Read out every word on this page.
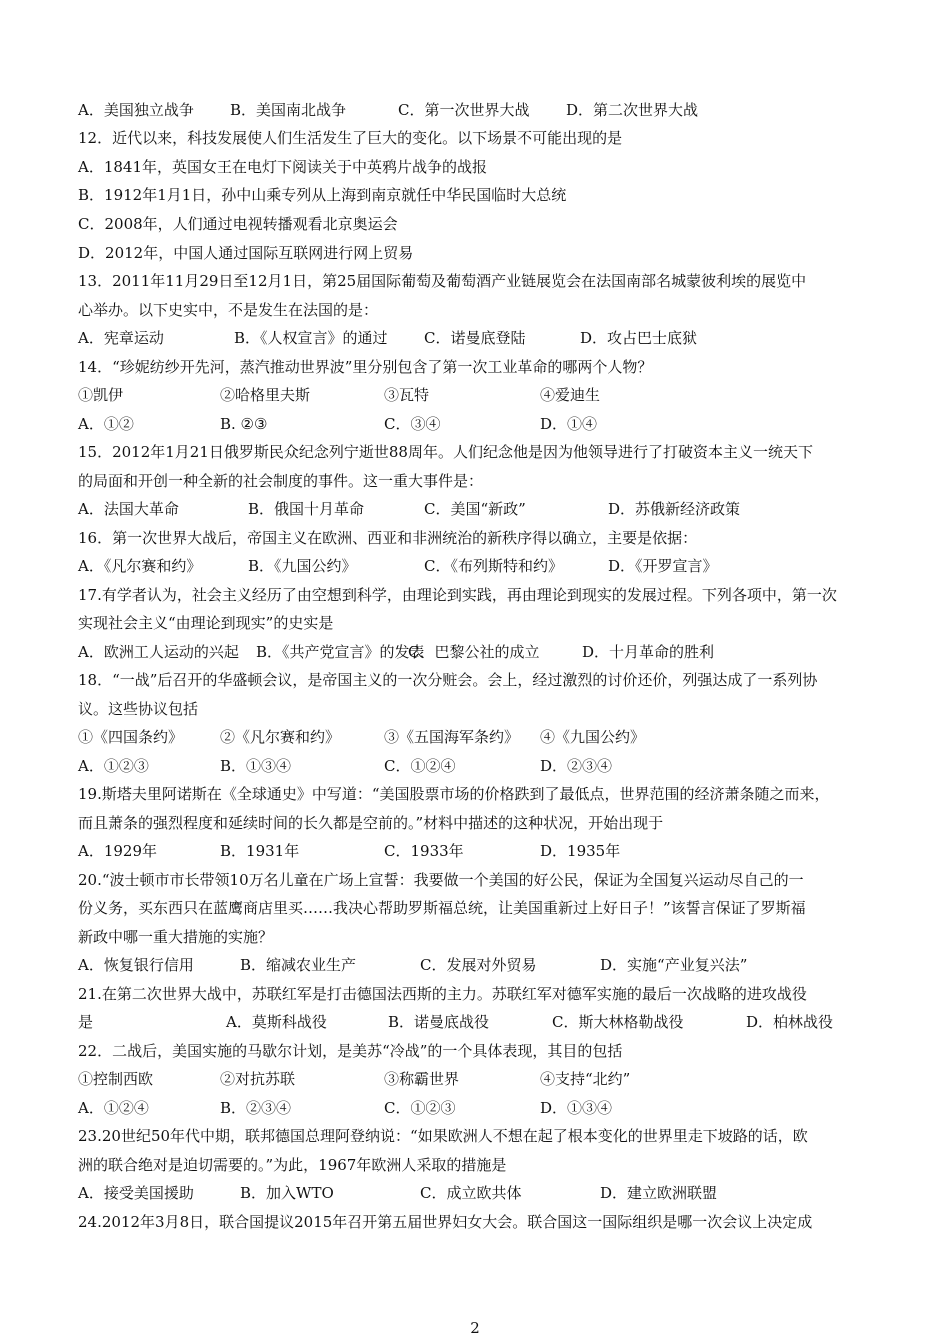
A．美国独立战争 B．美国南北战争	C．第一次世界大战 D．第二次世界大战
12．近代以来，科技发展使人们生活发生了巨大的变化。以下场景不可能出现的是
A．1841年，英国女王在电灯下阅读关于中英鸦片战争的战报
B．1912年1月1日，孙中山乘专列从上海到南京就任中华民国临时大总统
C．2008年，人们通过电视转播观看北京奥运会
D．2012年，中国人通过国际互联网进行网上贸易
13．2011年11月29日至12月1日，第25届国际葡萄及葡萄酒产业链展览会在法国南部名城蒙彼利埃的展览中
心举办。以下史实中，不是发生在法国的是：
A．宪章运动	B．《人权宣言》的通过 C．诺曼底登陆	D．攻占巴士底狱
14．“珍妮纺纱开先河，蒸汽推动世界波”里分别包含了第一次工业革命的哪两个人物？
①凯伊	②哈格里夫斯	③瓦特	④爱迪生
A．①②	B. ②③	C．③④	D．①④
15．2012年1月21日俄罗斯民众纪念列宁逝世88周年。人们纪念他是因为他领导进行了打破资本主义一统天下
的局面和开创一种全新的社会制度的事件。这一重大事件是：
A．法国大革命	B．俄国十月革命	C．美国“新政”	D．苏俄新经济政策
16．第一次世界大战后，帝国主义在欧洲、西亚和非洲统治的新秩序得以确立，主要是依据：
A．《凡尔赛和约》	B．《九国公约》	C．《布列斯特和约》	D．《开罗宣言》
17.有学者认为，社会主义经历了由空想到科学，由理论到实践，再由理论到现实的发展过程。下列各项中，第一次
实现社会主义“由理论到现实”的史实是
A．欧洲工人运动的兴起 B．《共产党宣言》的发表
C．巴黎公社的成立	D．十月革命的胜利
18．“一战”后召开的华盛顿会议，是帝国主义的一次分赃会。会上，经过激烈的讨价还价，列强达成了一系列协
议。这些协议包括
①《四国条约》 ②《凡尔赛和约》	③《五国海军条约》 ④《九国公约》
A．①②③	B．①③④	C．①②④	D．②③④
19.斯塔夫里阿诺斯在《全球通史》中写道：“美国股票市场的价格跌到了最低点，世界范围的经济萧条随之而来，
而且萧条的强烈程度和延续时间的长久都是空前的。”材料中描述的这种状况，开始出现于
A．1929年	B．1931年	C．1933年	D．1935年
20.“波士顿市市长带领10万名儿童在广场上宣誓：我要做一个美国的好公民，保证为全国复兴运动尽自己的一
份义务，买东西只在蓝鹰商店里买……我决心帮助罗斯福总统，让美国重新过上好日子！”该誓言保证了罗斯福
新政中哪一重大措施的实施？
A．恢复银行信用	B．缩减农业生产	C．发展对外贸易	D．实施“产业复兴法”
21.在第二次世界大战中，苏联红军是打击德国法西斯的主力。苏联红军对德军实施的最后一次战略的进攻战役
是	A．莫斯科战役	B．诺曼底战役	C．斯大林格勒战役	D．柏林战役
22．二战后，美国实施的马歇尔计划，是美苏“冷战”的一个具体表现，其目的包括
①控制西欧	②对抗苏联	③称霸世界	④支持“北约”
A．①②④	B．②③④	C．①②③	D．①③④
23.20世纪50年代中期，联邦德国总理阿登纳说：“如果欧洲人不想在起了根本变化的世界里走下坡路的话，欧
洲的联合绝对是迫切需要的。”为此，1967年欧洲人采取的措施是
A．接受美国援助	B．加入WTO	C．成立欧共体	D．建立欧洲联盟
24.2012年3月8日，联合国提议2015年召开第五届世界妇女大会。联合国这一国际组织是哪一次会议上决定成
2
